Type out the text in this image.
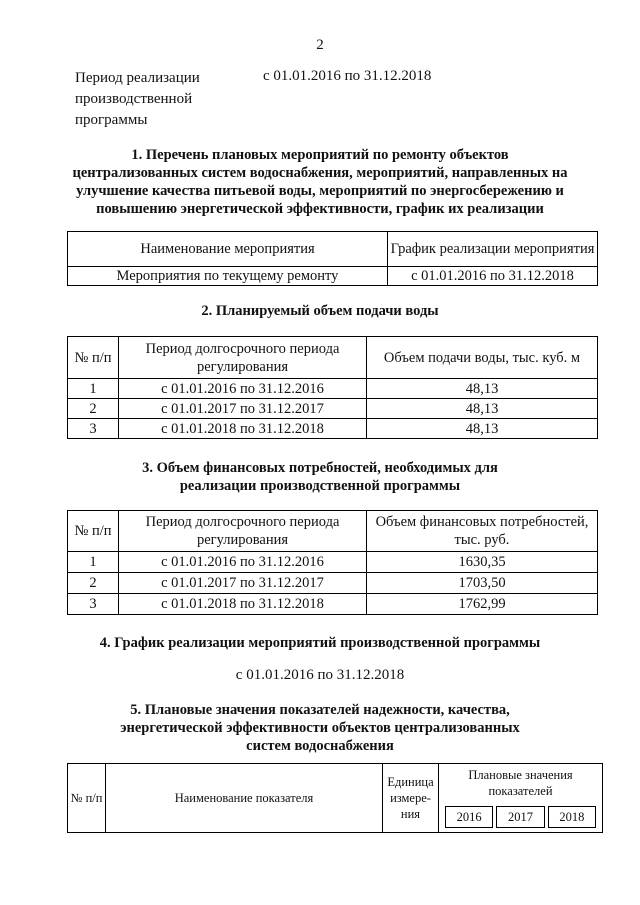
2
Период реализации
производственной
программы
с 01.01.2016 по 31.12.2018
1. Перечень плановых мероприятий по ремонту объектов
централизованных систем водоснабжения, мероприятий, направленных на
улучшение качества питьевой воды, мероприятий по энергосбережению и
повышению энергетической эффективности, график их реализации
Наименование мероприятия	График реализации мероприятия
Мероприятия по текущему ремонту	с 01.01.2016 по 31.12.2018
2. Планируемый объем подачи воды
№ п/п	Период долгосрочного периода регулирования	Объем подачи воды, тыс. куб. м
1	с 01.01.2016 по 31.12.2016	48,13
2	с 01.01.2017 по 31.12.2017	48,13
3	с 01.01.2018 по 31.12.2018	48,13
3. Объем финансовых потребностей, необходимых для
реализации производственной программы
№ п/п	Период долгосрочного периода регулирования	Объем финансовых потребностей, тыс. руб.
1	с 01.01.2016 по 31.12.2016	1630,35
2	с 01.01.2017 по 31.12.2017	1703,50
3	с 01.01.2018 по 31.12.2018	1762,99
4. График реализации мероприятий производственной программы
с 01.01.2016 по 31.12.2018
5. Плановые значения показателей надежности, качества,
энергетической эффективности объектов централизованных
систем водоснабжения
№ п/п	Наименование показателя	Единица измере-ния	
Плановые значения показателей
2016	2017	2018
